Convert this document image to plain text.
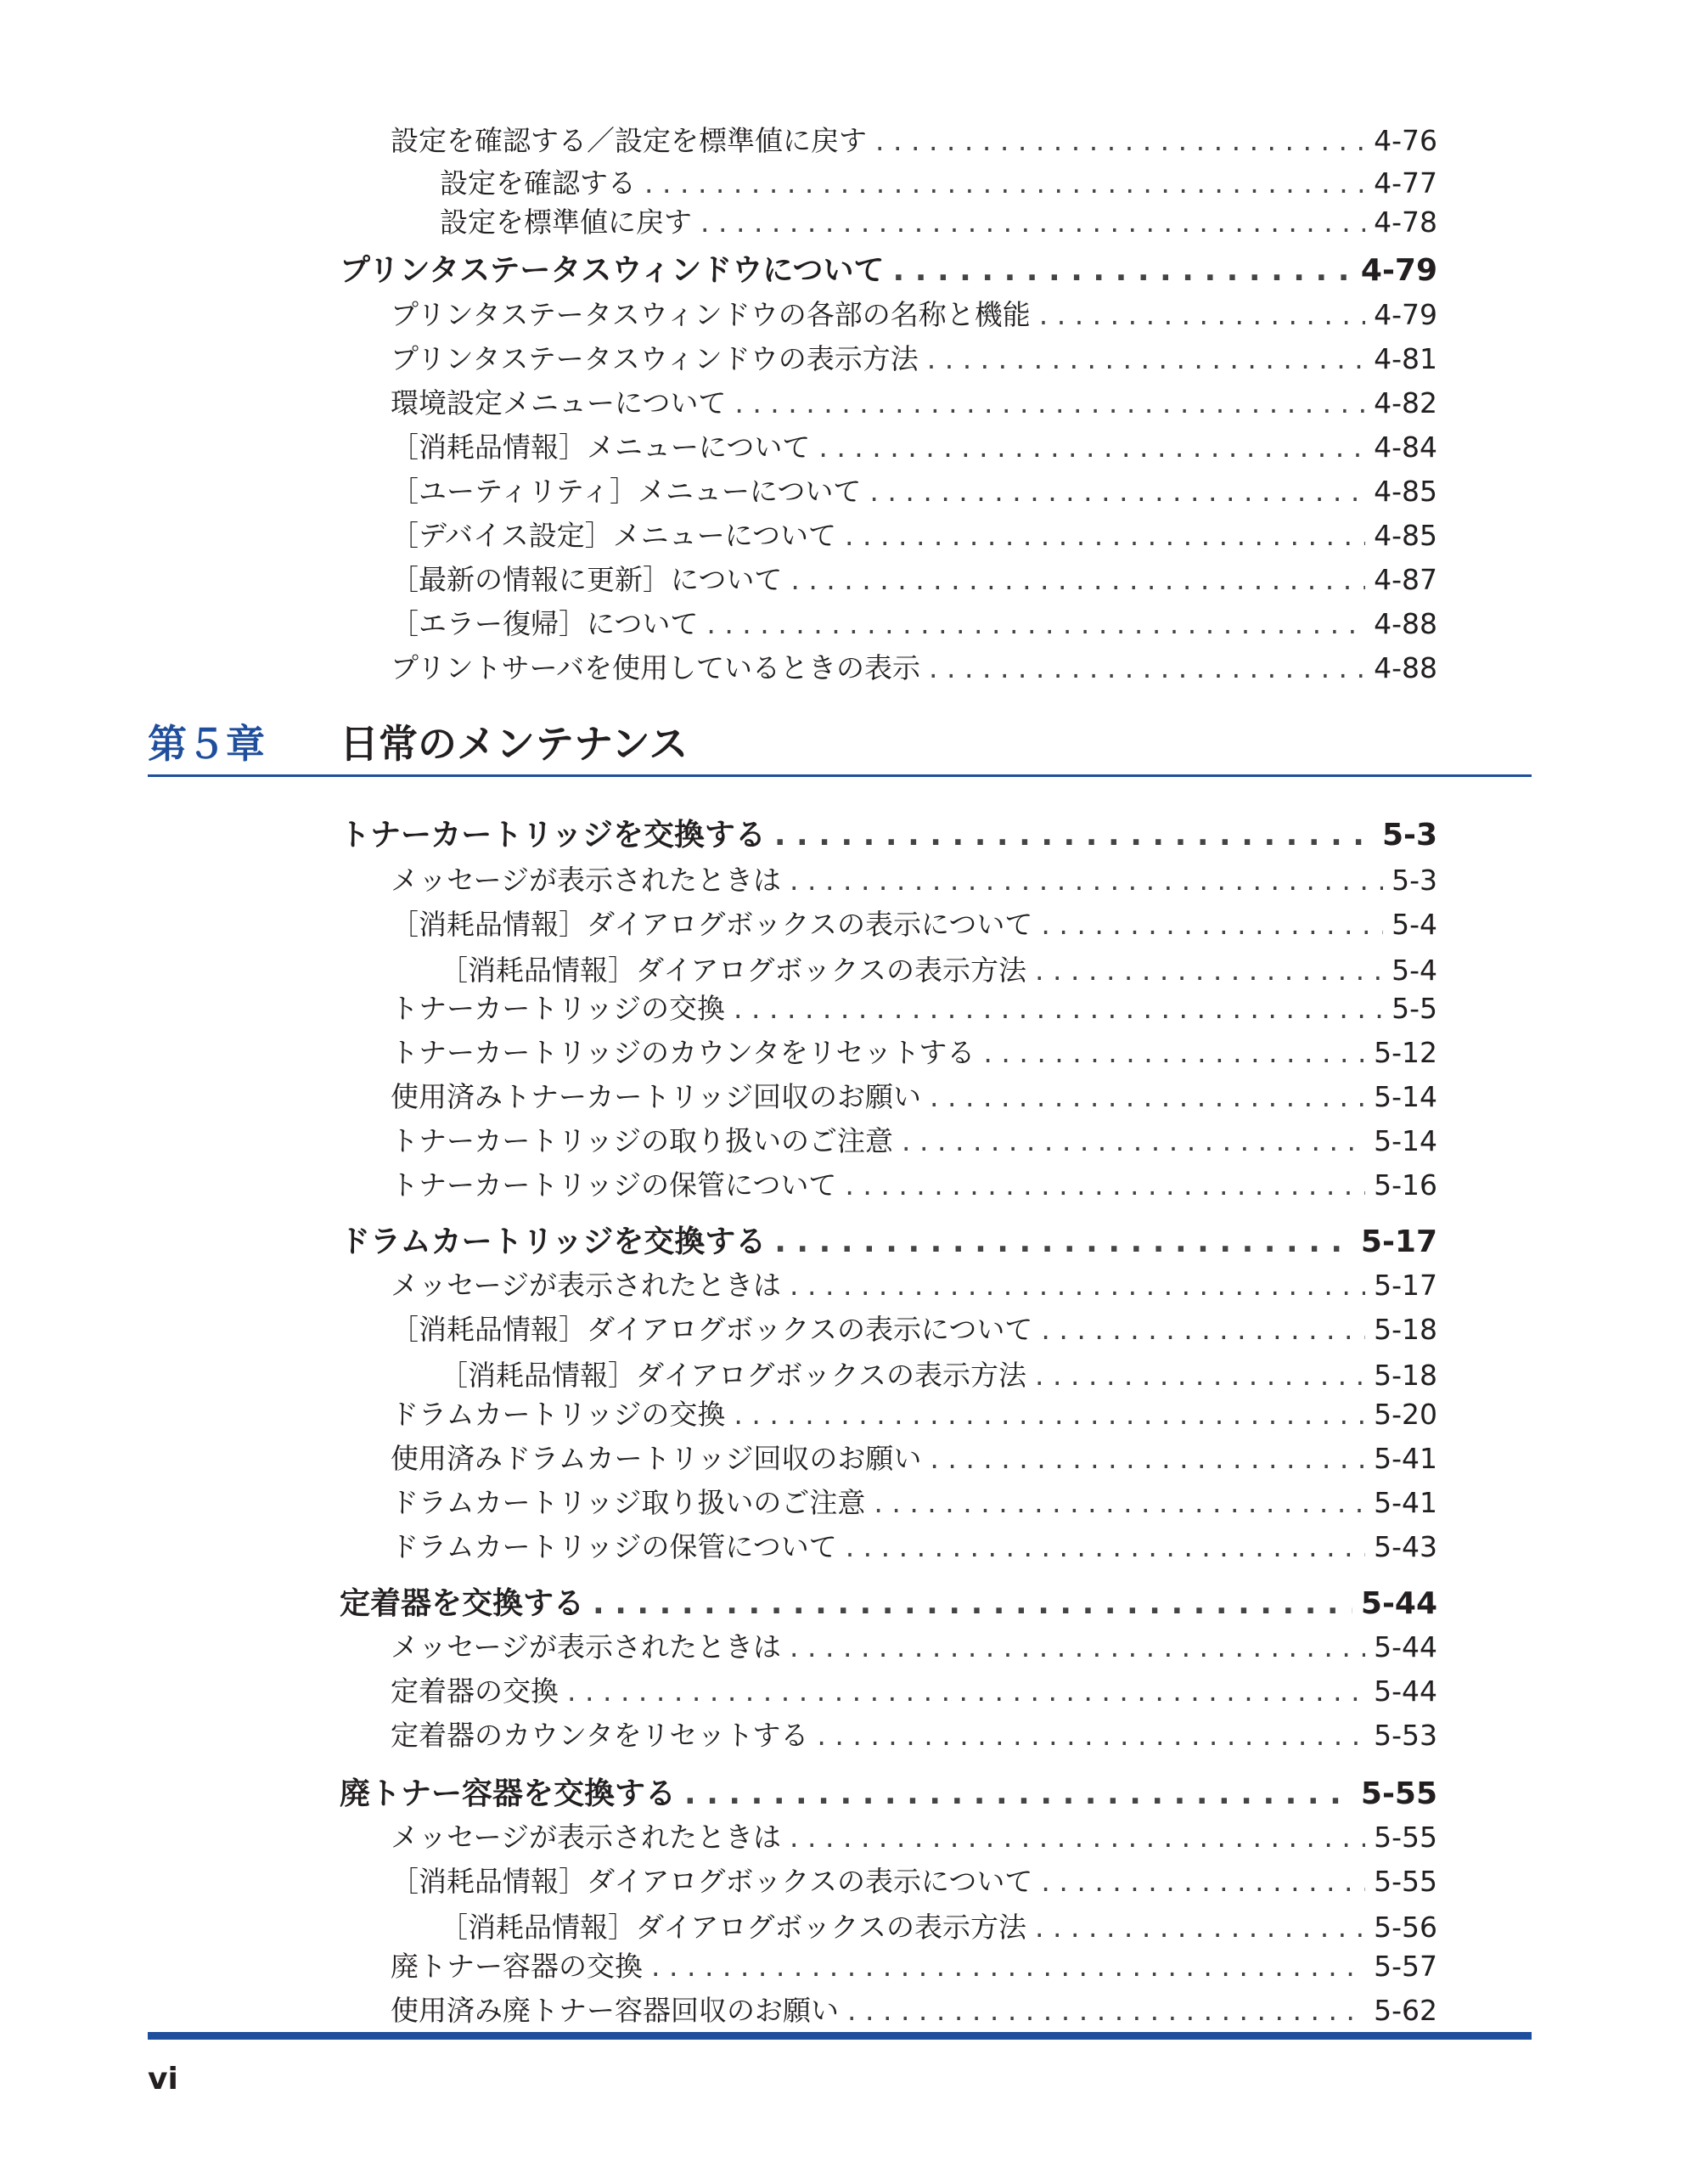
設定を確認する／設定を標準値に戻す . . .	4-76
設定を確認する . . .	4-77
設定を標準値に戻す . . .	4-78
プリンタステータスウィンドウについて . . .	4-79
プリンタステータスウィンドウの各部の名称と機能 . . .	4-79
プリンタステータスウィンドウの表示方法 . . .	4-81
環境設定メニューについて . . .	4-82
［消耗品情報］メニューについて . . .	4-84
［ユーティリティ］メニューについて . . .	4-85
［デバイス設定］メニューについて . . .	4-85
［最新の情報に更新］について . . .	4-87
［エラー復帰］について . . .	4-88
プリントサーバを使用しているときの表示 . . .	4-88
第５章 日常のメンテナンス
トナーカートリッジを交換する . . .	5-3
メッセージが表示されたときは . . .	5-3
［消耗品情報］ダイアログボックスの表示について . . .	5-4
［消耗品情報］ダイアログボックスの表示方法 . . .	5-4
トナーカートリッジの交換 . . .	5-5
トナーカートリッジのカウンタをリセットする . . .	5-12
使用済みトナーカートリッジ回収のお願い . . .	5-14
トナーカートリッジの取り扱いのご注意 . . .	5-14
トナーカートリッジの保管について . . .	5-16
ドラムカートリッジを交換する . . .	5-17
メッセージが表示されたときは . . .	5-17
［消耗品情報］ダイアログボックスの表示について . . .	5-18
［消耗品情報］ダイアログボックスの表示方法 . . .	5-18
ドラムカートリッジの交換 . . .	5-20
使用済みドラムカートリッジ回収のお願い . . .	5-41
ドラムカートリッジ取り扱いのご注意 . . .	5-41
ドラムカートリッジの保管について . . .	5-43
定着器を交換する . . .	5-44
メッセージが表示されたときは . . .	5-44
定着器の交換 . . .	5-44
定着器のカウンタをリセットする . . .	5-53
廃トナー容器を交換する . . .	5-55
メッセージが表示されたときは . . .	5-55
［消耗品情報］ダイアログボックスの表示について . . .	5-55
［消耗品情報］ダイアログボックスの表示方法 . . .	5-56
廃トナー容器の交換 . . .	5-57
使用済み廃トナー容器回収のお願い . . .	5-62
vi
